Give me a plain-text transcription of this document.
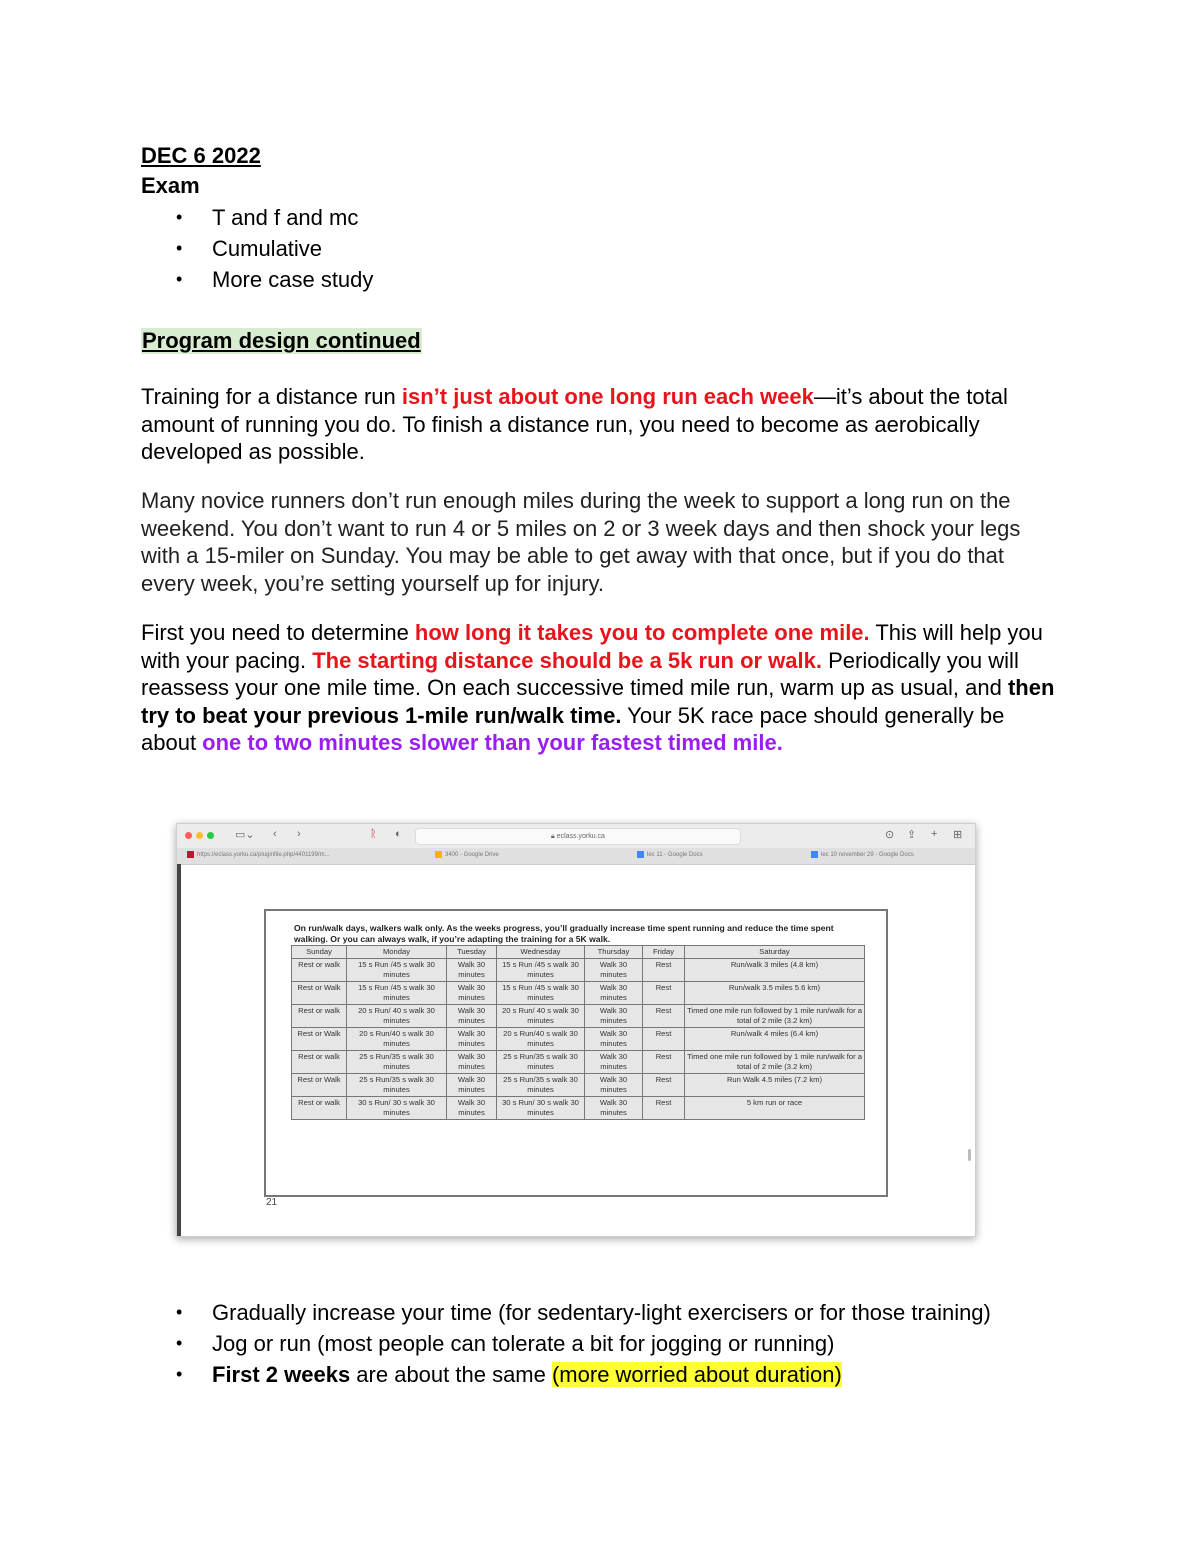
DEC 6 2022
Exam
• T and f and mc
• Cumulative
• More case study
Program design continued
Training for a distance run isn’t just about one long run each week—it’s about the total amount of running you do. To finish a distance run, you need to become as aerobically developed as possible.
Many novice runners don’t run enough miles during the week to support a long run on the weekend. You don’t want to run 4 or 5 miles on 2 or 3 week days and then shock your legs with a 15-miler on Sunday. You may be able to get away with that once, but if you do that every week, you’re setting yourself up for injury.
First you need to determine how long it takes you to complete one mile. This will help you with your pacing. The starting distance should be a 5k run or walk. Periodically you will reassess your one mile time. On each successive timed mile run, warm up as usual, and then try to beat your previous 1-mile run/walk time. Your 5K race pace should generally be about one to two minutes slower than your fastest timed mile.
▭⌄ ‹ ›	ᚱ ◐	🔒︎ eclass.yorku.ca	⊙ ⇪ + ⊞
https://eclass.yorku.ca/pluginfile.php/4401199/m...	3400 - Google Drive	lec 11 - Google Docs	lec 10 november 29 - Google Docs
On run/walk days, walkers walk only. As the weeks progress, you’ll gradually increase time spent running and reduce the time spent walking. Or you can always walk, if you’re adapting the training for a 5K walk.
Sunday	Monday	Tuesday	Wednesday	Thursday	Friday	Saturday
Rest or walk	15 s Run /45 s walk 30 minutes	Walk 30 minutes	15 s Run /45 s walk 30 minutes	Walk 30 minutes	Rest	Run/walk 3 miles (4.8 km)
Rest or Walk	15 s Run /45 s walk 30 minutes	Walk 30 minutes	15 s Run /45 s walk 30 minutes	Walk 30 minutes	Rest	Run/walk 3.5 miles 5.6 km)
Rest or walk	20 s Run/ 40 s walk 30 minutes	Walk 30 minutes	20 s Run/ 40 s walk 30 minutes	Walk 30 minutes	Rest	Timed one mile run followed by 1 mile run/walk for a total of 2 mile (3.2 km)
Rest or Walk	20 s Run/40 s walk 30 minutes	Walk 30 minutes	20 s Run/40 s walk 30 minutes	Walk 30 minutes	Rest	Run/walk 4 miles (6.4 km)
Rest or walk	25 s Run/35 s walk 30 minutes	Walk 30 minutes	25 s Run/35 s walk 30 minutes	Walk 30 minutes	Rest	Timed one mile run followed by 1 mile run/walk for a total of 2 mile (3.2 km)
Rest or Walk	25 s Run/35 s walk 30 minutes	Walk 30 minutes	25 s Run/35 s walk 30 minutes	Walk 30 minutes	Rest	Run Walk 4.5 miles (7.2 km)
Rest or walk	30 s Run/ 30 s walk 30 minutes	Walk 30 minutes	30 s Run/ 30 s walk 30 minutes	Walk 30 minutes	Rest	5 km run or race
21
• Gradually increase your time (for sedentary-light exercisers or for those training)
• Jog or run (most people can tolerate a bit for jogging or running)
• First 2 weeks are about the same (more worried about duration)
